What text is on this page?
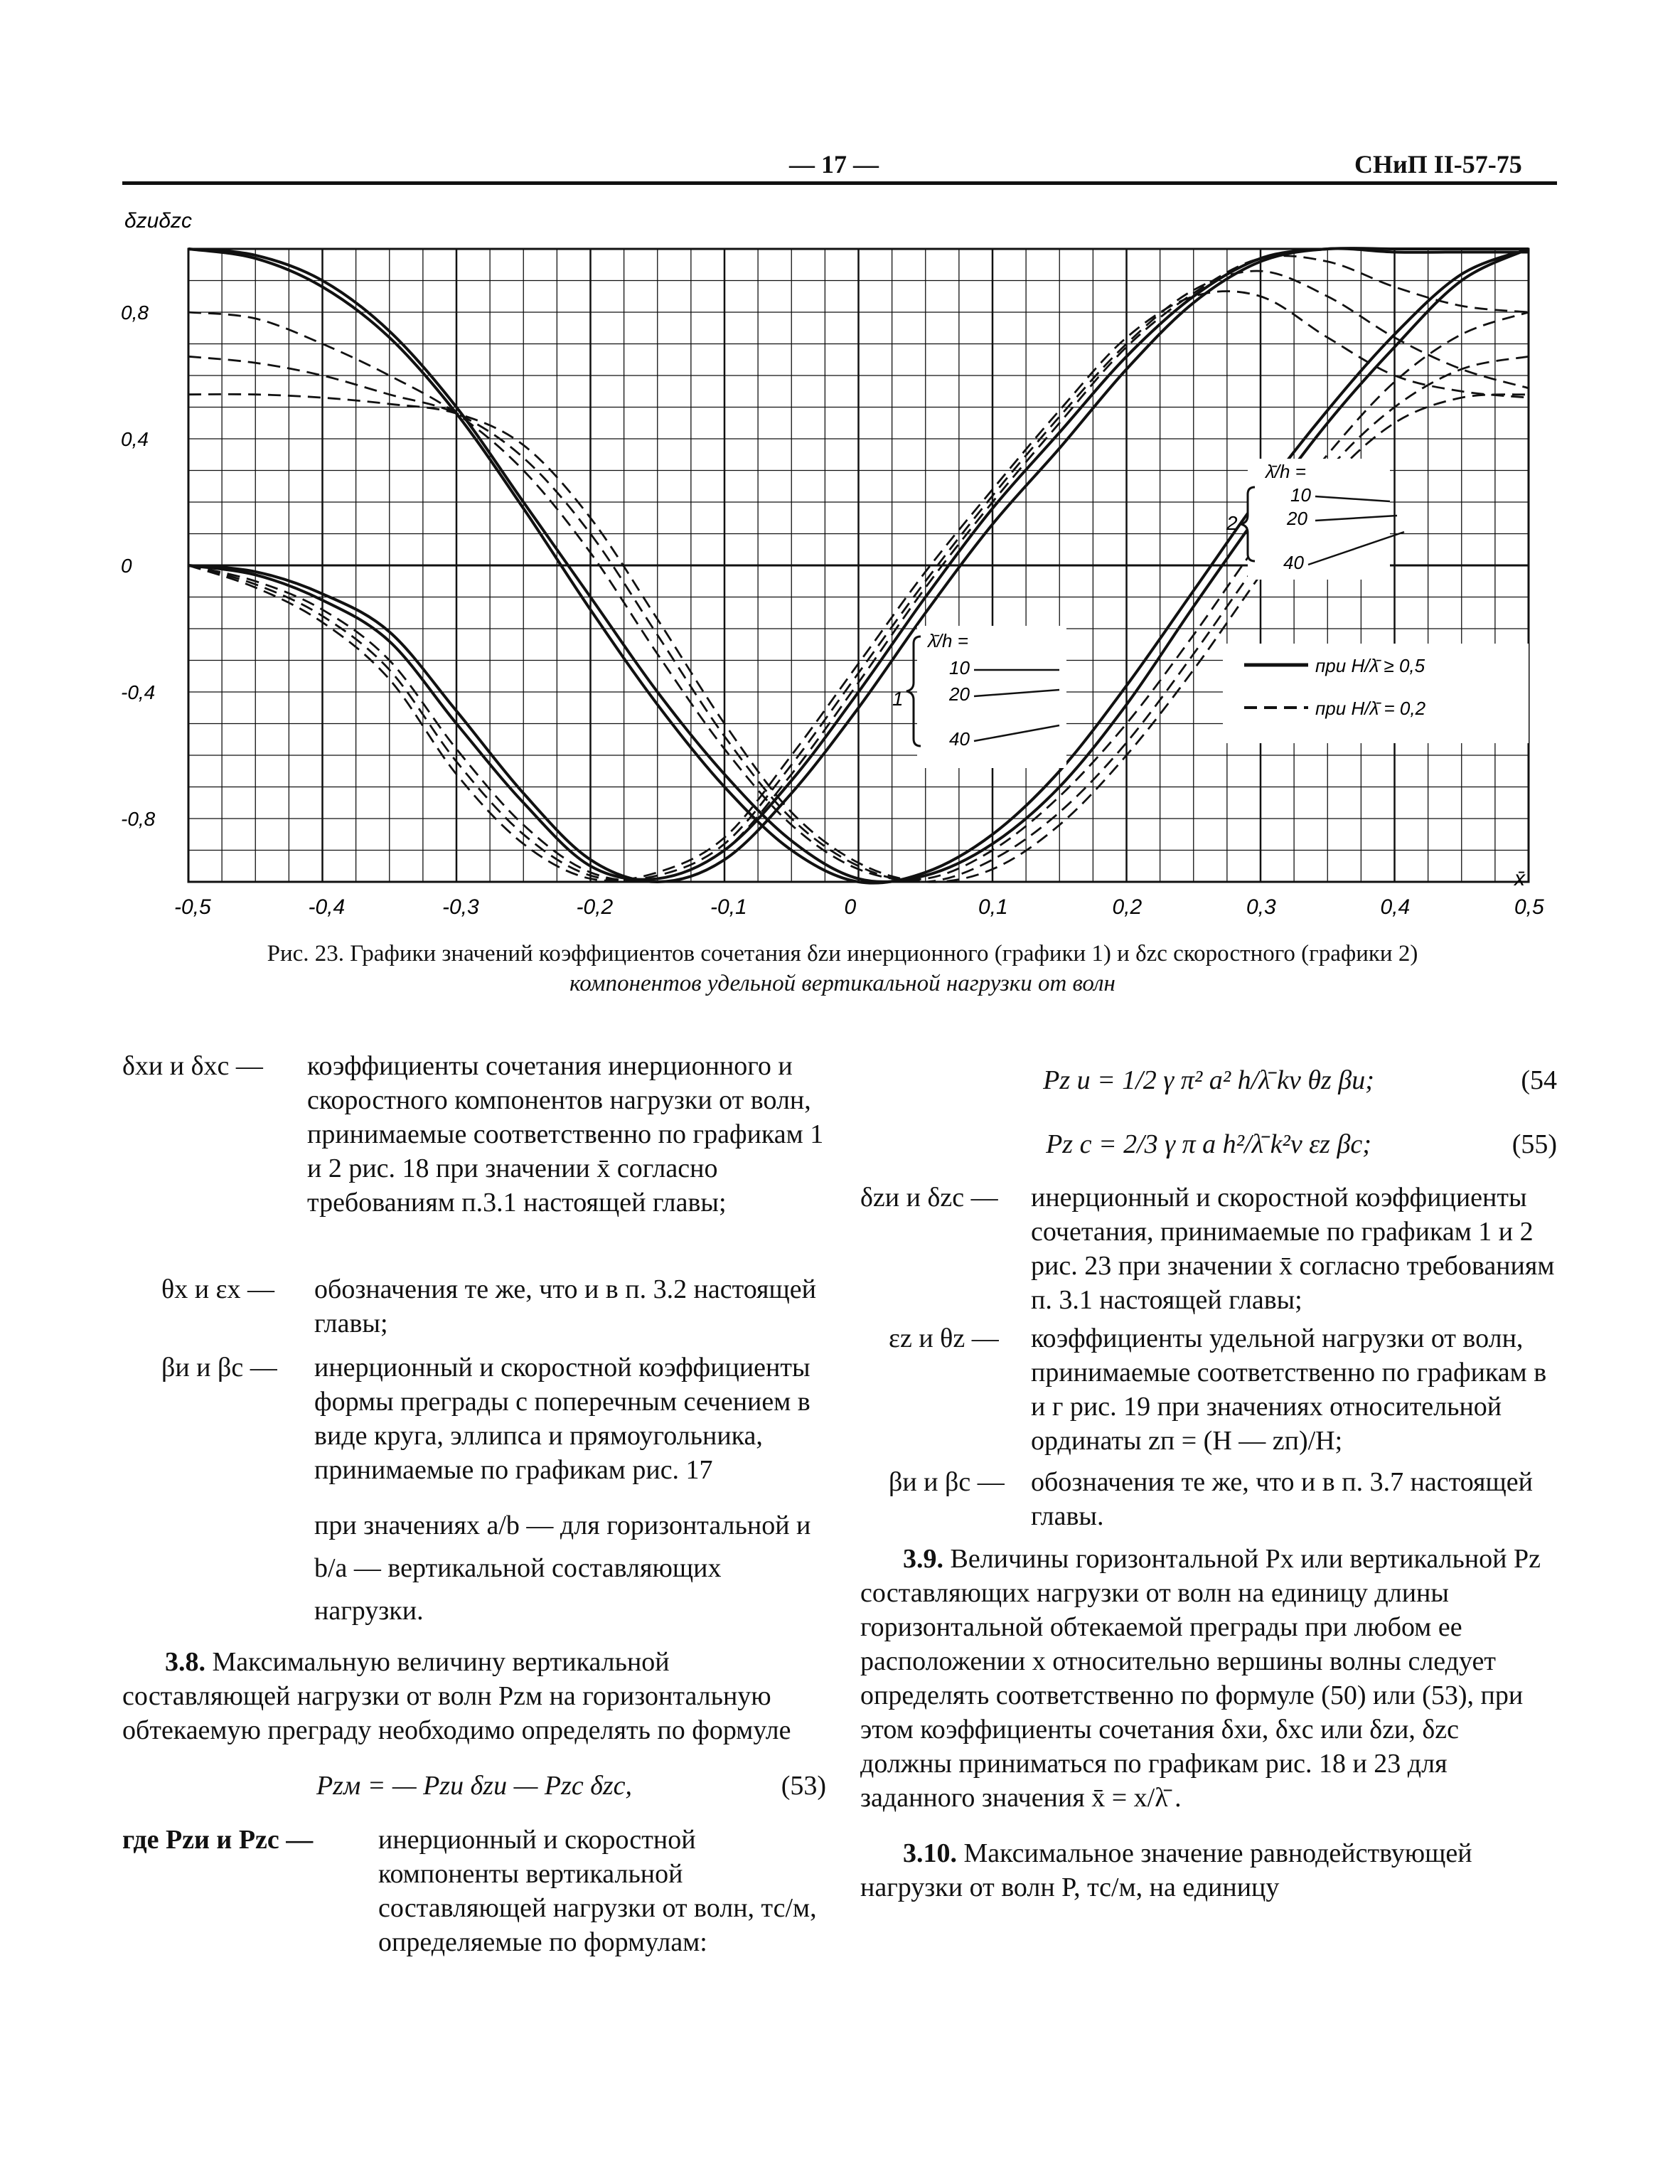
— 17 —	СНиП II-57-75
δzиδzc
x̄
0,8
0,4
0
-0,4
-0,8
-0,5	-0,4	-0,3	-0,2	-0,1	0	0,1	0,2	0,3	0,4	0,5
λ̄/h =
10
20
40
2
λ̄/h =
10
20
40
1
при H/λ̄ ≥ 0,5
при H/λ̄ = 0,2
Рис. 23. Графики значений коэффициентов сочетания δzи инерционного (графики 1) и δzc скоростного (графики 2)
компонентов удельной вертикальной нагрузки от волн
δxи и δxc — коэффициенты сочетания инерционного и скоростного компонентов нагрузки от волн, принимаемые соответственно по графикам 1 и 2 рис. 18 при значении x̄ согласно требованиям п.3.1 настоящей главы;
θx и εx — обозначения те же, что и в п. 3.2 настоящей главы;
βи и βc — инерционный и скоростной коэффициенты формы преграды с поперечным сечением в виде круга, эллипса и прямоугольника, принимаемые по графикам рис. 17
при значениях a/b — для горизонтальной и b/a — вертикальной составляющих нагрузки.
3.8. Максимальную величину вертикальной составляющей нагрузки от волн Pzм на горизонтальную обтекаемую преграду необходимо определять по формуле
Pzм = — Pzи δzи — Pzc δzc,	(53)
где Pzи и Pzc — инерционный и скоростной компоненты вертикальной составляющей нагрузки от волн, тс/м, определяемые по формулам:
Pz и = 1/2 γ π² a² h/λ̄ kv θz βи;	(54
Pz c = 2/3 γ π a h²/λ̄ k²v εz βc;	(55)
δzи и δzc — инерционный и скоростной коэффициенты сочетания, принимаемые по графикам 1 и 2 рис. 23 при значении x̄ согласно требованиям п. 3.1 настоящей главы;
εz и θz — коэффициенты удельной нагрузки от волн, принимаемые соответственно по графикам в и г рис. 19 при значениях относительной ординаты zп = (H — zп)/H;
βи и βc — обозначения те же, что и в п. 3.7 настоящей главы.
3.9. Величины горизонтальной Px или вертикальной Pz составляющих нагрузки от волн на единицу длины горизонтальной обтекаемой преграды при любом ее расположении x относительно вершины волны следует определять соответственно по формуле (50) или (53), при этом коэффициенты сочетания δxи, δxc или δzи, δzc должны приниматься по графикам рис. 18 и 23 для заданного значения x̄ = x/λ̄ .
3.10. Максимальное значение равнодействующей нагрузки от волн P, тс/м, на единицу
